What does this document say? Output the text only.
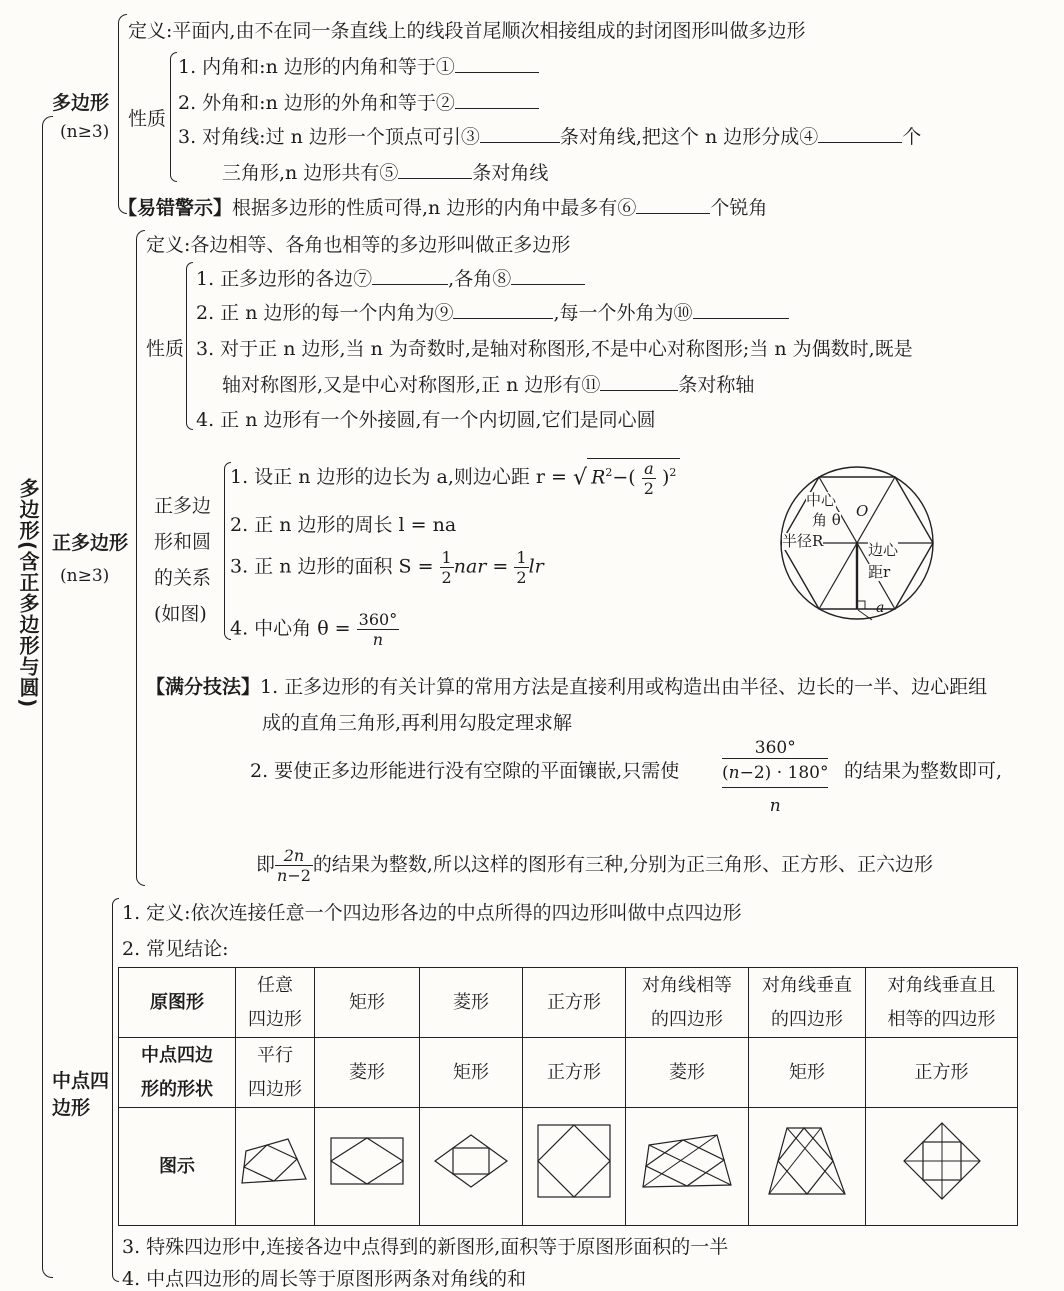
多边形(含正多边形与圆)
多边形
(n≥3)
定义:平面内,由不在同一条直线上的线段首尾顺次相接组成的封闭图形叫做多边形
性质
1. 内角和:n 边形的内角和等于①
2. 外角和:n 边形的外角和等于②
3. 对角线:过 n 边形一个顶点可引③	条对角线,把这个 n 边形分成④	个
三角形,n 边形共有⑤	条对角线
【易错警示】根据多边形的性质可得,n 边形的内角中最多有⑥	个锐角
正多边形
(n≥3)
定义:各边相等、各角也相等的多边形叫做正多边形
性质
1. 正多边形的各边⑦	,各角⑧
2. 正 n 边形的每一个内角为⑨	,每一个外角为⑩
3. 对于正 n 边形,当 n 为奇数时,是轴对称图形,不是中心对称图形;当 n 为偶数时,既是
轴对称图形,又是中心对称图形,正 n 边形有⑪	条对称轴
4. 正 n 边形有一个外接圆,有一个内切圆,它们是同心圆
正多边
形和圆
的关系
(如图)
1. 设正 n 边形的边长为 a,则边心距 r = √ $R^2-( \frac{a}{2} )^2$
2. 正 n 边形的周长 l = na
3. 正 n 边形的面积 $S = \frac{1}{2}$ nar = $\frac{1}{2}$ lr
4. 中心角 $\theta = \frac{360^\circ}{n}$
中心
角 θ O
半径R	边心
距r
a
【满分技法】1. 正多边形的有关计算的常用方法是直接利用或构造出由半径、边长的一半、边心距组
成的直角三角形,再利用勾股定理求解
2. 要使正多边形能进行没有空隙的平面镶嵌,只需使
360°
(n−2) · 180°
n
的结果为整数即可,
即 $\frac{2n}{n-2}$ 的结果为整数,所以这样的图形有三种,分别为正三角形、正方形、正六边形
中点四
边形
1. 定义:依次连接任意一个四边形各边的中点所得的四边形叫做中点四边形
2. 常见结论:
原图形	任意
四边形	矩形	菱形	正方形	对角线相等
的四边形	对角线垂直
的四边形	对角线垂直且
相等的四边形
中点四边
形的形状	平行
四边形	菱形	矩形	正方形	菱形	矩形	正方形
图示							
3. 特殊四边形中,连接各边中点得到的新图形,面积等于原图形面积的一半
4. 中点四边形的周长等于原图形两条对角线的和
